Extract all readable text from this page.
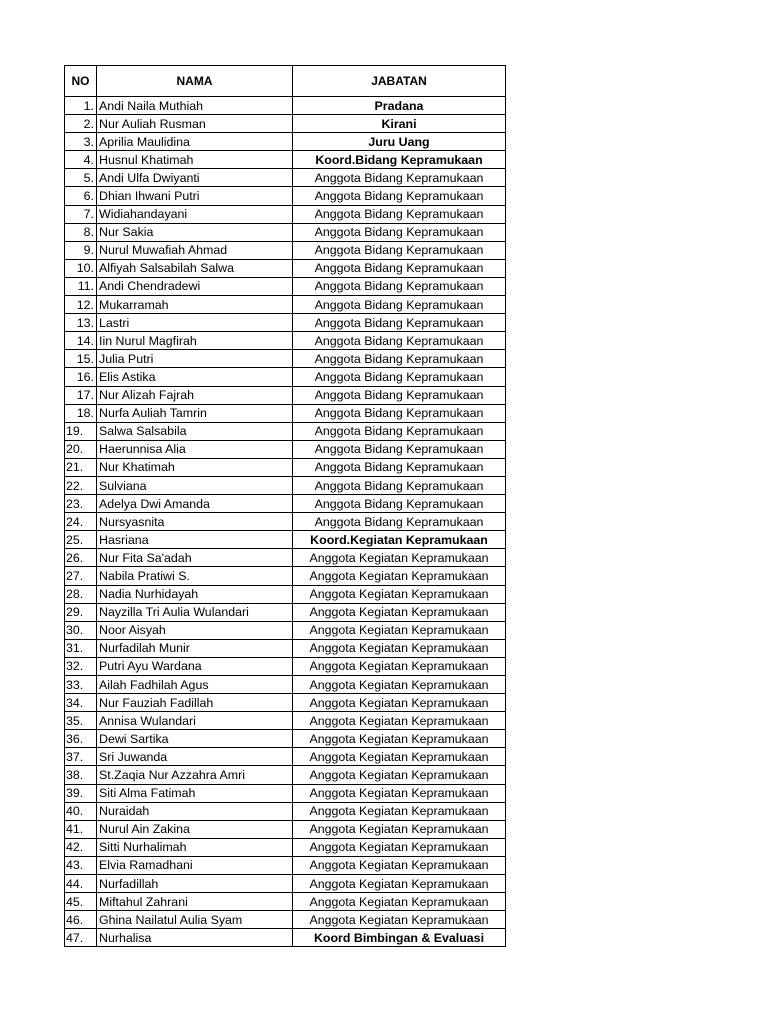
NO	NAMA	JABATAN
1.	Andi Naila Muthiah	Pradana
2.	Nur Auliah Rusman	Kirani
3.	Aprilia Maulidina	Juru Uang
4.	Husnul Khatimah	Koord.Bidang Kepramukaan
5.	Andi Ulfa Dwiyanti	Anggota Bidang Kepramukaan
6.	Dhian Ihwani Putri	Anggota Bidang Kepramukaan
7.	Widiahandayani	Anggota Bidang Kepramukaan
8.	Nur Sakia	Anggota Bidang Kepramukaan
9.	Nurul Muwafiah Ahmad	Anggota Bidang Kepramukaan
10.	Alfiyah Salsabilah Salwa	Anggota Bidang Kepramukaan
11.	Andi Chendradewi	Anggota Bidang Kepramukaan
12.	Mukarramah	Anggota Bidang Kepramukaan
13.	Lastri	Anggota Bidang Kepramukaan
14.	Iin Nurul Magfirah	Anggota Bidang Kepramukaan
15.	Julia Putri	Anggota Bidang Kepramukaan
16.	Elis Astika	Anggota Bidang Kepramukaan
17.	Nur Alizah Fajrah	Anggota Bidang Kepramukaan
18.	Nurfa Auliah Tamrin	Anggota Bidang Kepramukaan
19.	Salwa Salsabila	Anggota Bidang Kepramukaan
20.	Haerunnisa Alia	Anggota Bidang Kepramukaan
21.	Nur Khatimah	Anggota Bidang Kepramukaan
22.	Sulviana	Anggota Bidang Kepramukaan
23.	Adelya Dwi Amanda	Anggota Bidang Kepramukaan
24.	Nursyasnita	Anggota Bidang Kepramukaan
25.	Hasriana	Koord.Kegiatan Kepramukaan
26.	Nur Fita Sa'adah	Anggota Kegiatan Kepramukaan
27.	Nabila Pratiwi S.	Anggota Kegiatan Kepramukaan
28.	Nadia Nurhidayah	Anggota Kegiatan Kepramukaan
29.	Nayzilla Tri Aulia Wulandari	Anggota Kegiatan Kepramukaan
30.	Noor Aisyah	Anggota Kegiatan Kepramukaan
31.	Nurfadilah Munir	Anggota Kegiatan Kepramukaan
32.	Putri Ayu Wardana	Anggota Kegiatan Kepramukaan
33.	Ailah Fadhilah Agus	Anggota Kegiatan Kepramukaan
34.	Nur Fauziah Fadillah	Anggota Kegiatan Kepramukaan
35.	Annisa Wulandari	Anggota Kegiatan Kepramukaan
36.	Dewi Sartika	Anggota Kegiatan Kepramukaan
37.	Sri Juwanda	Anggota Kegiatan Kepramukaan
38.	St.Zaqia Nur Azzahra Amri	Anggota Kegiatan Kepramukaan
39.	Siti Alma Fatimah	Anggota Kegiatan Kepramukaan
40.	Nuraidah	Anggota Kegiatan Kepramukaan
41.	Nurul Ain Zakina	Anggota Kegiatan Kepramukaan
42.	Sitti Nurhalimah	Anggota Kegiatan Kepramukaan
43.	Elvia Ramadhani	Anggota Kegiatan Kepramukaan
44.	Nurfadillah	Anggota Kegiatan Kepramukaan
45.	Miftahul Zahrani	Anggota Kegiatan Kepramukaan
46.	Ghina Nailatul Aulia Syam	Anggota Kegiatan Kepramukaan
47.	Nurhalisa	Koord Bimbingan & Evaluasi
